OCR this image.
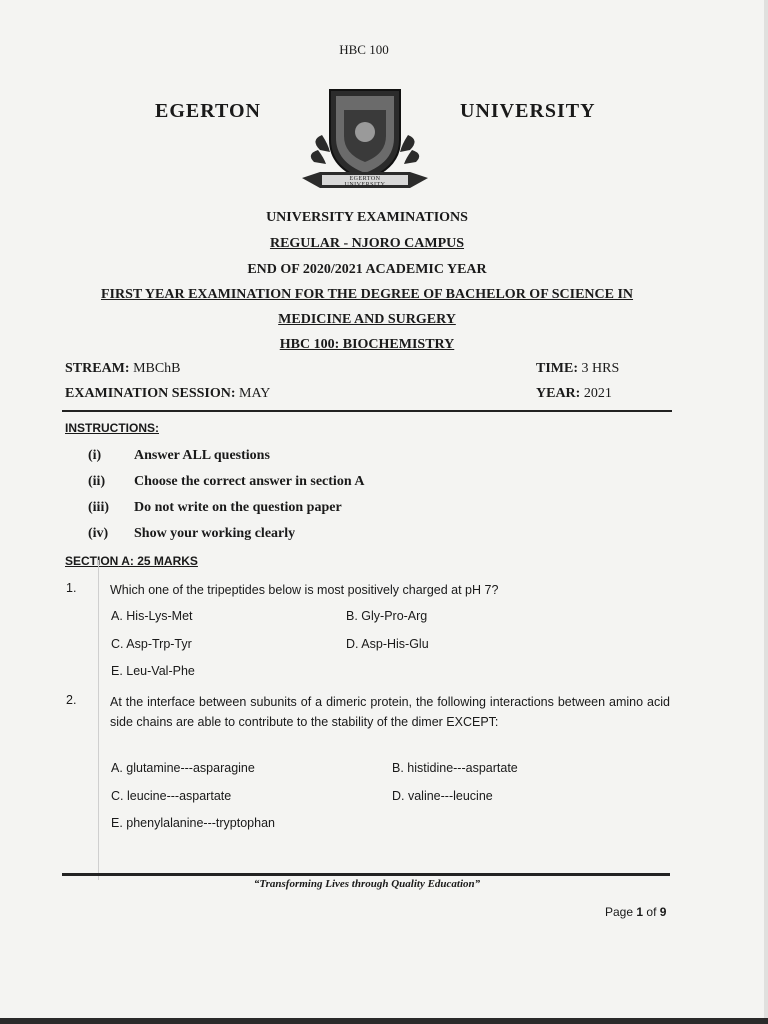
HBC 100
EGERTON	UNIVERSITY
EGERTON UNIVERSITY
UNIVERSITY EXAMINATIONS
REGULAR - NJORO CAMPUS
END OF 2020/2021 ACADEMIC YEAR
FIRST YEAR EXAMINATION FOR THE DEGREE OF BACHELOR OF SCIENCE IN
MEDICINE AND SURGERY
HBC 100: BIOCHEMISTRY
STREAM: MBChB	TIME: 3 HRS
EXAMINATION SESSION: MAY	YEAR: 2021
INSTRUCTIONS:
(i) Answer ALL questions
(ii) Choose the correct answer in section A
(iii) Do not write on the question paper
(iv) Show your working clearly
SECTION A: 25 MARKS
1.	Which one of the tripeptides below is most positively charged at pH 7?
A. His-Lys-Met	B. Gly-Pro-Arg
C. Asp-Trp-Tyr	D. Asp-His-Glu
E. Leu-Val-Phe
2.	At the interface between subunits of a dimeric protein, the following interactions between amino acid side chains are able to contribute to the stability of the dimer EXCEPT:
A. glutamine---asparagine	B. histidine---aspartate
C. leucine---aspartate	D. valine---leucine
E. phenylalanine---tryptophan
“Transforming Lives through Quality Education”
Page 1 of 9
